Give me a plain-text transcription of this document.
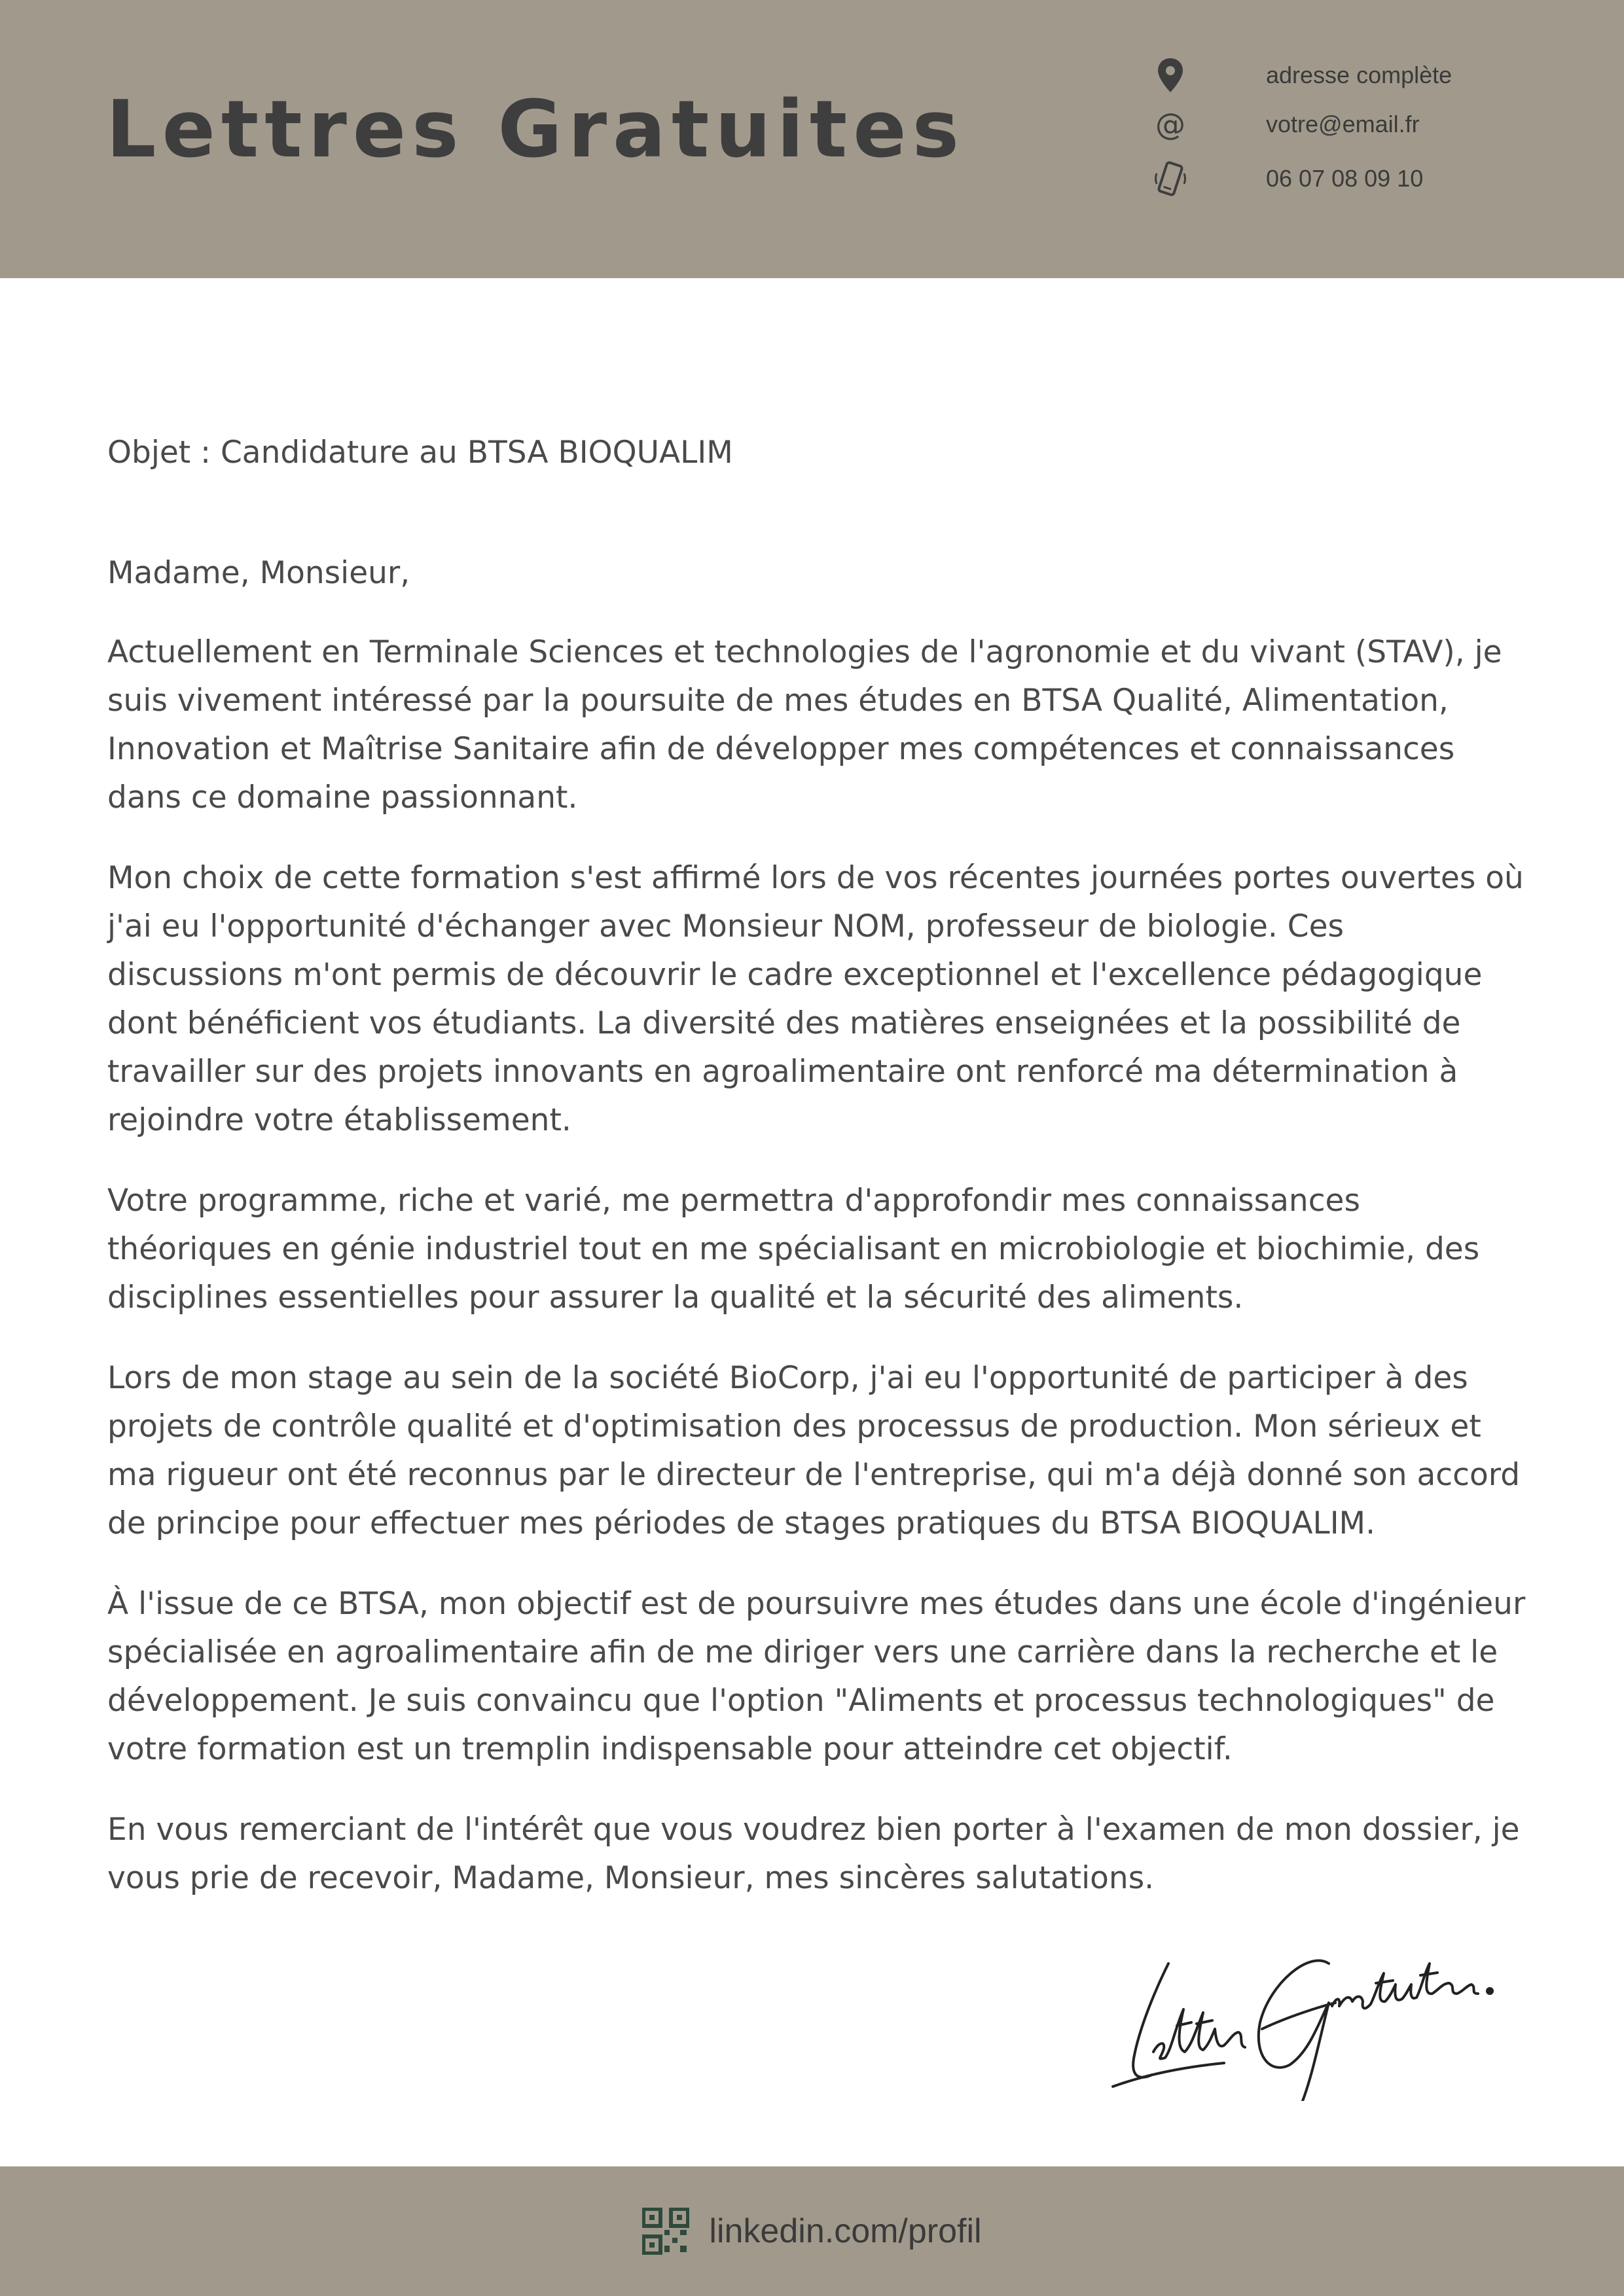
Lettres Gratuites
adresse complète
@	votre@email.fr
06 07 08 09 10

Objet : Candidature au BTSA BIOQUALIM

Madame, Monsieur,

Actuellement en Terminale Sciences et technologies de l'agronomie et du vivant (STAV), je suis vivement intéressé par la poursuite de mes études en BTSA Qualité, Alimentation, Innovation et Maîtrise Sanitaire afin de développer mes compétences et connaissances dans ce domaine passionnant.

Mon choix de cette formation s'est affirmé lors de vos récentes journées portes ouvertes où j'ai eu l'opportunité d'échanger avec Monsieur NOM, professeur de biologie. Ces discussions m'ont permis de découvrir le cadre exceptionnel et l'excellence pédagogique dont bénéficient vos étudiants. La diversité des matières enseignées et la possibilité de travailler sur des projets innovants en agroalimentaire ont renforcé ma détermination à rejoindre votre établissement.

Votre programme, riche et varié, me permettra d'approfondir mes connaissances théoriques en génie industriel tout en me spécialisant en microbiologie et biochimie, des disciplines essentielles pour assurer la qualité et la sécurité des aliments.

Lors de mon stage au sein de la société BioCorp, j'ai eu l'opportunité de participer à des projets de contrôle qualité et d'optimisation des processus de production. Mon sérieux et ma rigueur ont été reconnus par le directeur de l'entreprise, qui m'a déjà donné son accord de principe pour effectuer mes périodes de stages pratiques du BTSA BIOQUALIM.

À l'issue de ce BTSA, mon objectif est de poursuivre mes études dans une école d'ingénieur spécialisée en agroalimentaire afin de me diriger vers une carrière dans la recherche et le développement. Je suis convaincu que l'option "Aliments et processus technologiques" de votre formation est un tremplin indispensable pour atteindre cet objectif.

En vous remerciant de l'intérêt que vous voudrez bien porter à l'examen de mon dossier, je vous prie de recevoir, Madame, Monsieur, mes sincères salutations.

linkedin.com/profil
